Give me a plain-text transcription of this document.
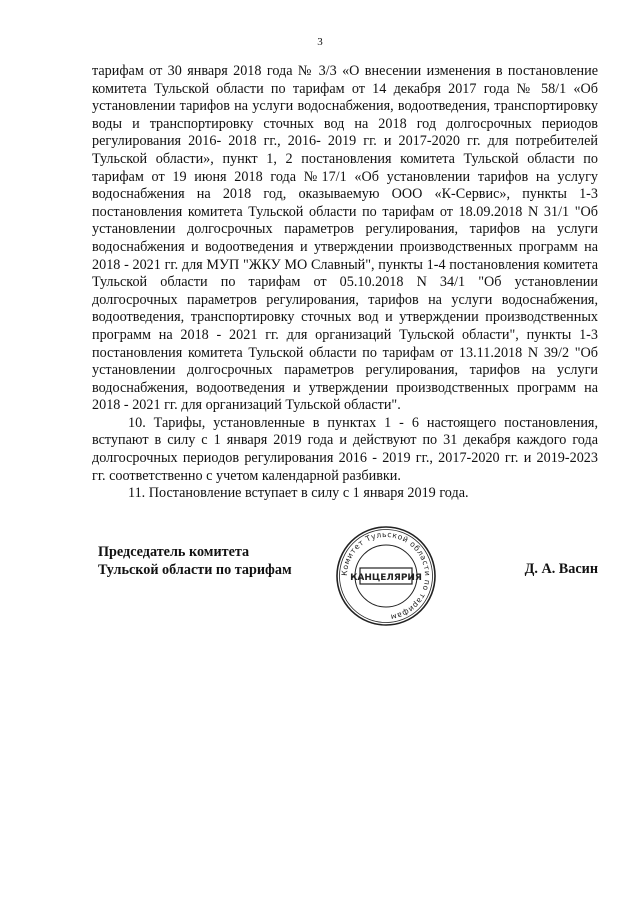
3

тарифам от 30 января 2018 года № 3/3 «О внесении изменения в постановление комитета Тульской области по тарифам от 14 декабря 2017 года № 58/1 «Об установлении тарифов на услуги водоснабжения, водоотведения, транспортировку воды и транспортировку сточных вод на 2018 год долгосрочных периодов регулирования 2016- 2018 гг., 2016- 2019 гг. и 2017-2020 гг. для потребителей Тульской области», пункт 1, 2 постановления комитета Тульской области по тарифам от 19 июня 2018 года №17/1 «Об установлении тарифов на услугу водоснабжения на 2018 год, оказываемую ООО «К-Сервис», пункты 1-3 постановления комитета Тульской области по тарифам от 18.09.2018 N 31/1 "Об установлении долгосрочных параметров регулирования, тарифов на услуги водоснабжения и водоотведения и утверждении производственных программ на 2018 - 2021 гг. для МУП "ЖКУ МО Славный", пункты 1-4 постановления комитета Тульской области по тарифам от 05.10.2018 N 34/1 "Об установлении долгосрочных параметров регулирования, тарифов на услуги водоснабжения, водоотведения, транспортировку сточных вод и утверждении производственных программ на 2018 - 2021 гг. для организаций Тульской области", пункты 1-3 постановления комитета Тульской области по тарифам от 13.11.2018 N 39/2 "Об установлении долгосрочных параметров регулирования, тарифов на услуги водоснабжения, водоотведения и утверждении производственных программ на 2018 - 2021 гг. для организаций Тульской области".

10. Тарифы, установленные в пунктах 1 - 6 настоящего постановления, вступают в силу с 1 января 2019 года и действуют по 31 декабря каждого года долгосрочных периодов регулирования 2016 - 2019 гг., 2017-2020 гг. и 2019-2023 гг. соответственно с учетом календарной разбивки.

11. Постановление вступает в силу с 1 января 2019 года.

Председатель комитета
Тульской области по тарифам	Комитет Тульской области по тарифам
КАНЦЕЛЯРИЯ
Д. А. Васин
